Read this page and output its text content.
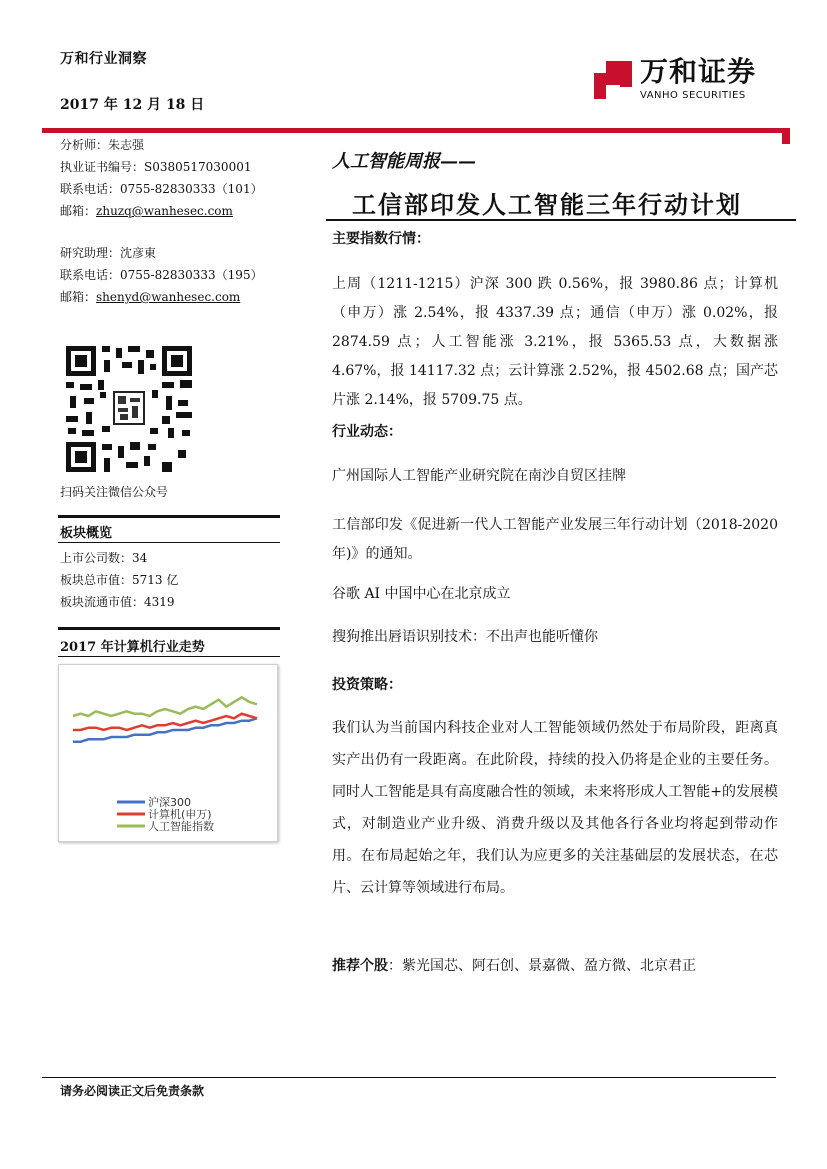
万和行业洞察
2017 年 12 月 18 日
万和证券
VANHO SECURITIES
分析师：朱志强
执业证书编号：S0380517030001
联系电话：0755-82830333（101）
邮箱：zhuzq@wanhesec.com
研究助理：沈彦東
联系电话：0755-82830333（195）
邮箱：shenyd@wanhesec.com
扫码关注微信公众号
板块概览
上市公司数：34
板块总市值：5713 亿
板块流通市值：4319
2017 年计算机行业走势
沪深300
计算机(申万)
人工智能指数
人工智能周报——
工信部印发人工智能三年行动计划
主要指数行情：
上周（1211-1215）沪深 300 跌 0.56%，报 3980.86 点；计算机（申万）涨 2.54%，报 4337.39 点；通信（申万）涨 0.02%，报 2874.59 点；人工智能涨 3.21%，报 5365.53 点，大数据涨 4.67%，报 14117.32 点；云计算涨 2.52%，报 4502.68 点；国产芯片涨 2.14%，报 5709.75 点。
行业动态：
广州国际人工智能产业研究院在南沙自贸区挂牌
工信部印发《促进新一代人工智能产业发展三年行动计划（2018-2020 年)》的通知。
谷歌 AI 中国中心在北京成立
搜狗推出唇语识别技术：不出声也能听懂你
投资策略：
我们认为当前国内科技企业对人工智能领域仍然处于布局阶段，距离真实产出仍有一段距离。在此阶段，持续的投入仍将是企业的主要任务。同时人工智能是具有高度融合性的领域，未来将形成人工智能+的发展模式，对制造业产业升级、消费升级以及其他各行各业均将起到带动作用。在布局起始之年，我们认为应更多的关注基础层的发展状态，在芯片、云计算等领域进行布局。
推荐个股：紫光国芯、阿石创、景嘉微、盈方微、北京君正
请务必阅读正文后免责条款
